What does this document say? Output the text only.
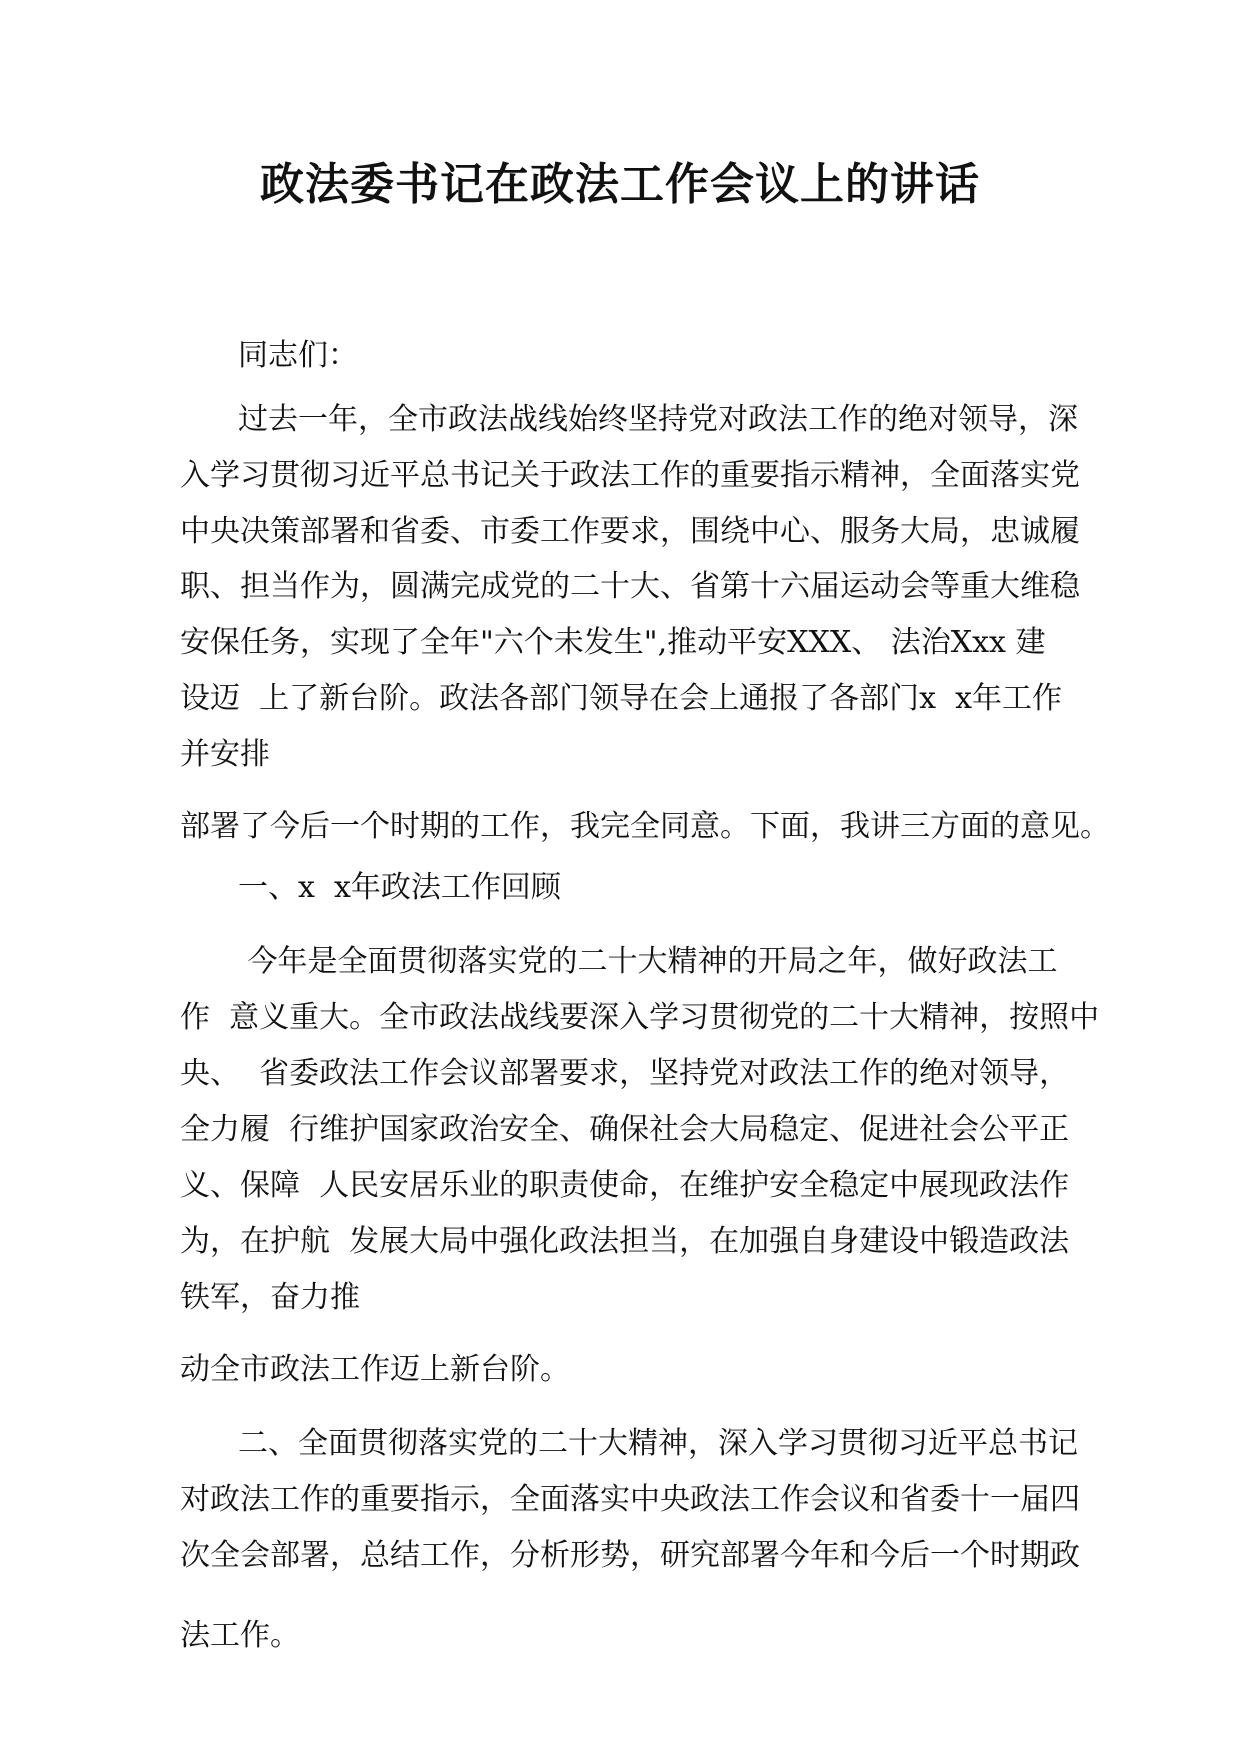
政法委书记在政法工作会议上的讲话

同志们：

过去一年，全市政法战线始终坚持党对政法工作的绝对领导，深

入学习贯彻习近平总书记关于政法工作的重要指示精神，全面落实党

中央决策部署和省委、市委工作要求，围绕中心、服务大局，忠诚履

职、担当作为，圆满完成党的二十大、省第十六届运动会等重大维稳

安保任务，实现了全年"六个未发生",推动平安XXX、 法治Xxx 建

设迈  上了新台阶。政法各部门领导在会上通报了各部门x  x年工作

并安排

部署了今后一个时期的工作，我完全同意。下面，我讲三方面的意见。

一、x  x年政法工作回顾

今年是全面贯彻落实党的二十大精神的开局之年，做好政法工

作  意义重大。全市政法战线要深入学习贯彻党的二十大精神，按照中

央、  省委政法工作会议部署要求，坚持党对政法工作的绝对领导，

全力履  行维护国家政治安全、确保社会大局稳定、促进社会公平正

义、保障  人民安居乐业的职责使命，在维护安全稳定中展现政法作

为，在护航  发展大局中强化政法担当，在加强自身建设中锻造政法

铁军，奋力推

动全市政法工作迈上新台阶。

二、全面贯彻落实党的二十大精神，深入学习贯彻习近平总书记

对政法工作的重要指示，全面落实中央政法工作会议和省委十一届四

次全会部署，总结工作，分析形势，研究部署今年和今后一个时期政

法工作。
